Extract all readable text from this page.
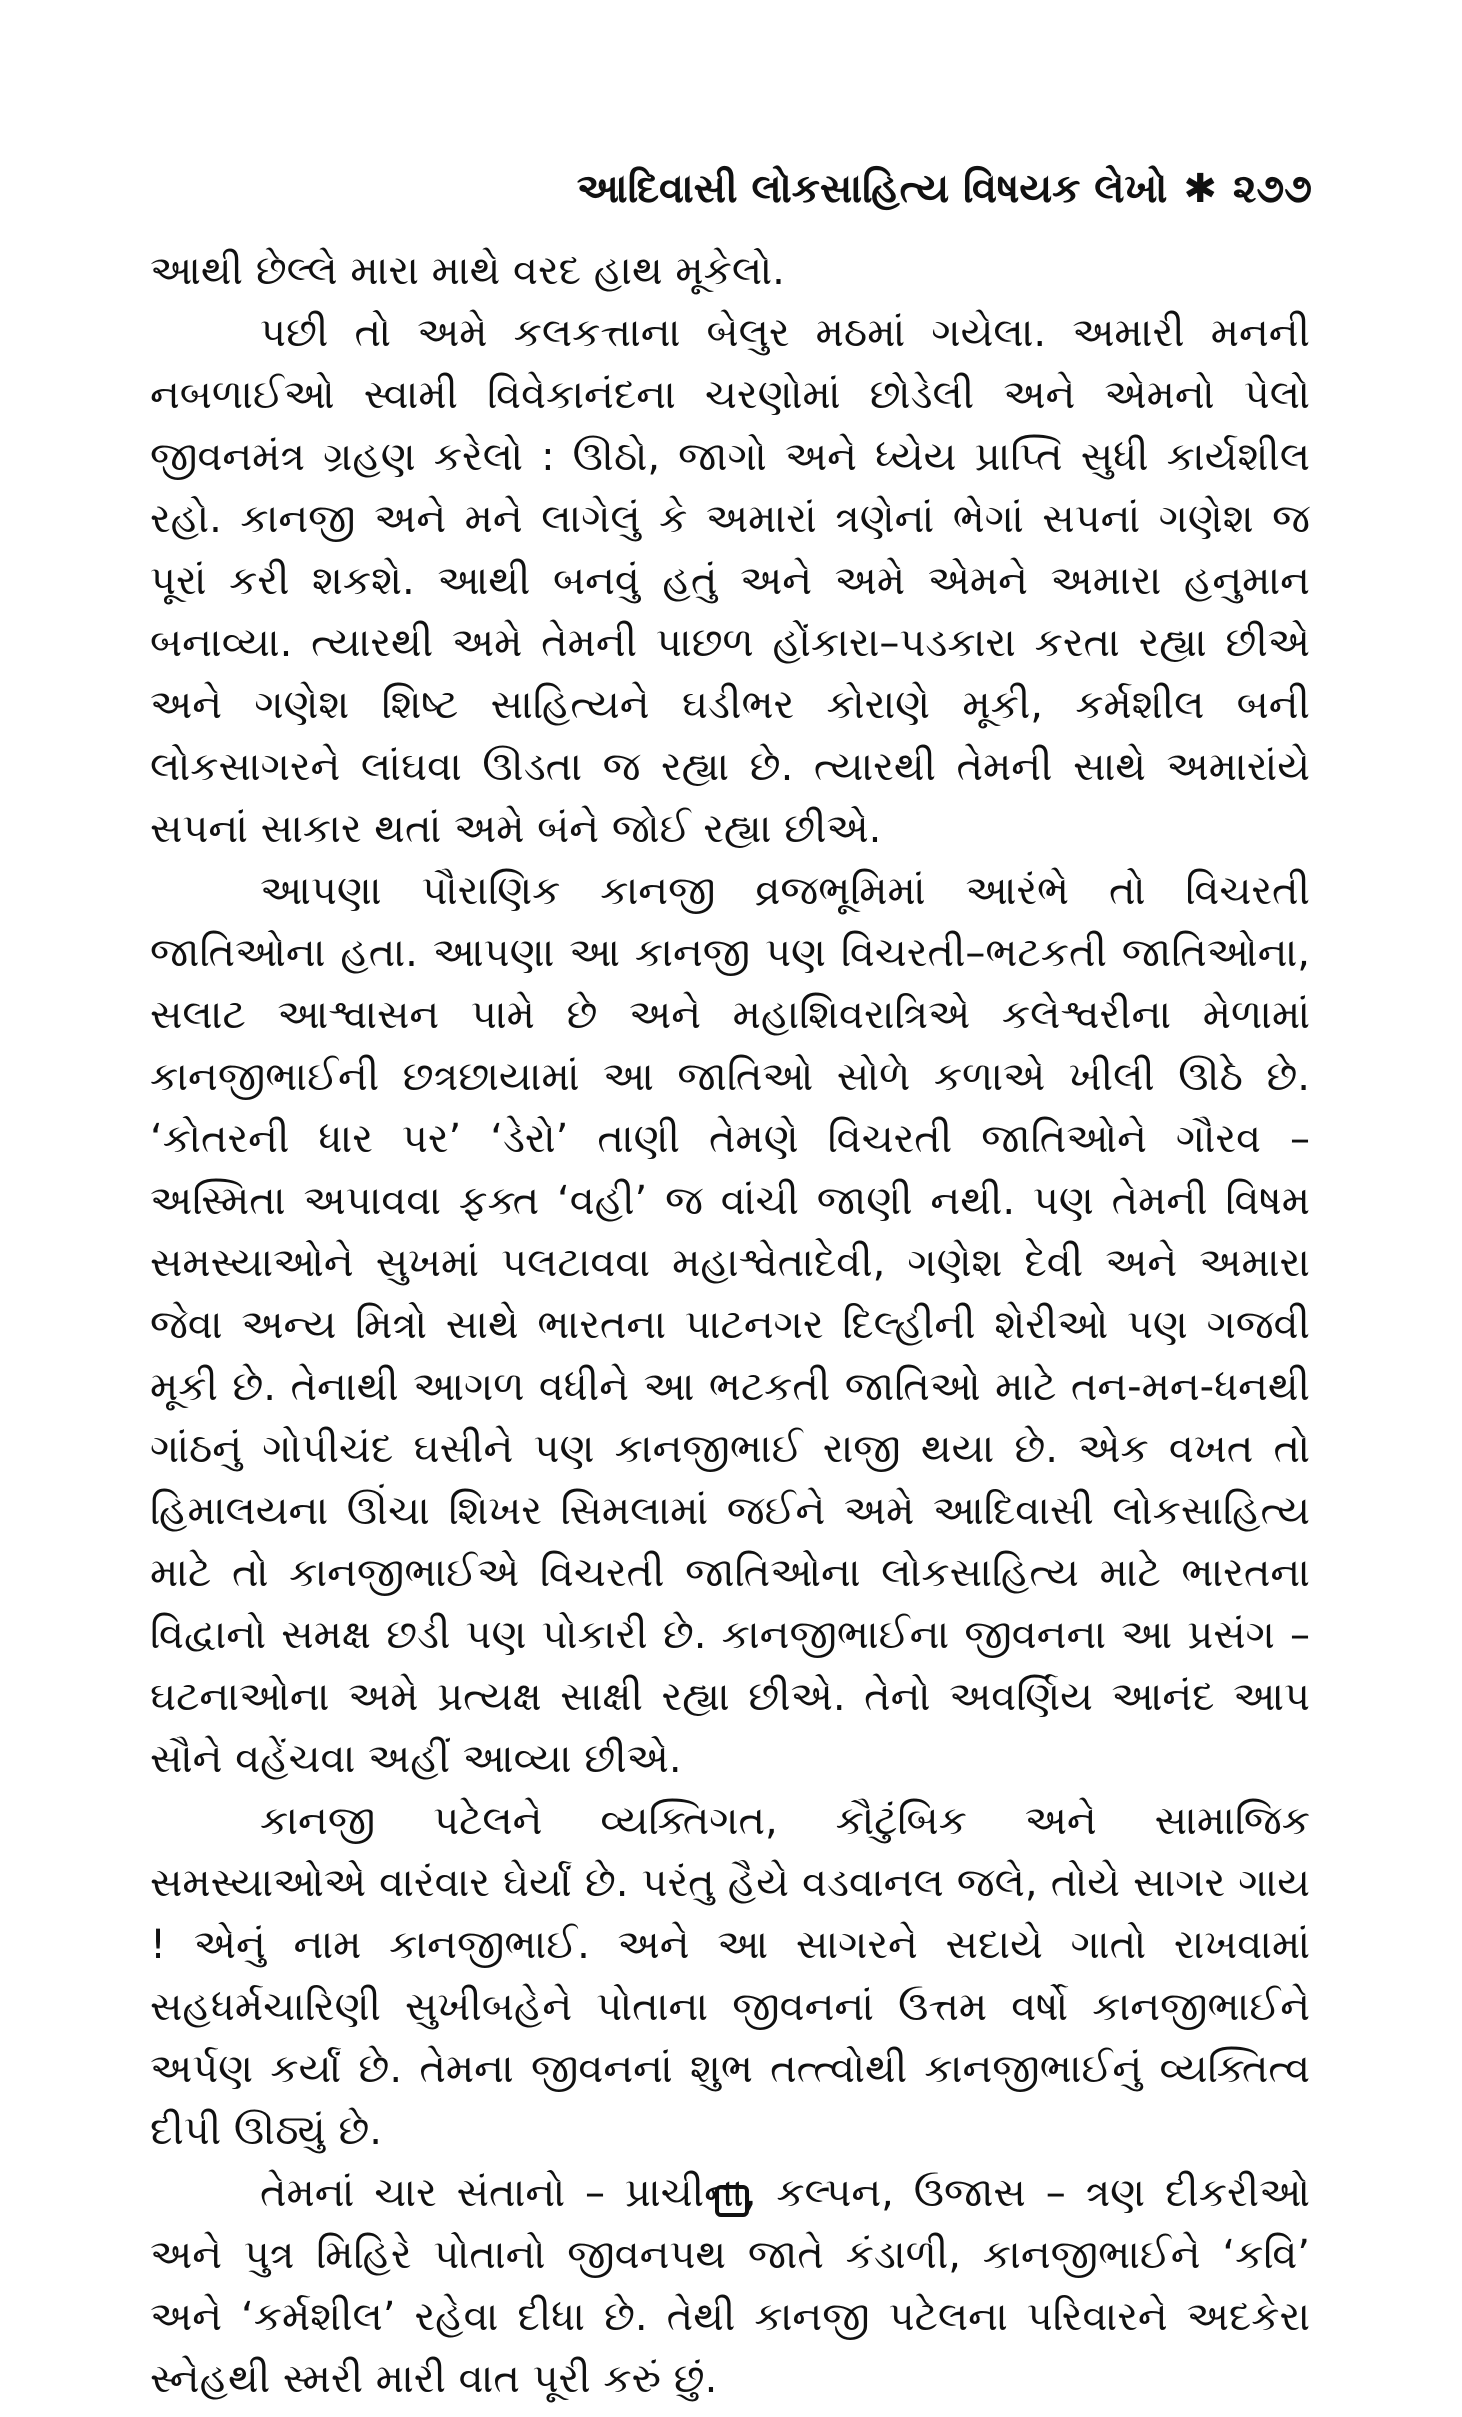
આદિવાસી લોકસાહિત્ય વિષયક લેખો ✱ ૨૭૭

આથી છેલ્લે મારા માથે વરદ હાથ મૂકેલો.

પછી તો અમે કલકત્તાના બેલુર મઠમાં ગયેલા. અમારી મનની નબળાઈઓ સ્વામી વિવેકાનંદના ચરણોમાં છોડેલી અને એમનો પેલો જીવનમંત્ર ગ્રહણ કરેલો : ઊઠો, જાગો અને ધ્યેય પ્રાપ્તિ સુધી કાર્યશીલ રહો. કાનજી અને મને લાગેલું કે અમારાં ત્રણેનાં ભેગાં સપનાં ગણેશ જ પૂરાં કરી શકશે. આથી બનવું હતું અને અમે એમને અમારા હનુમાન બનાવ્યા. ત્યારથી અમે તેમની પાછળ હોંકારા–પડકારા કરતા રહ્યા છીએ અને ગણેશ શિષ્ટ સાહિત્યને ઘડીભર કોરાણે મૂકી, કર્મશીલ બની લોકસાગરને લાંઘવા ઊડતા જ રહ્યા છે. ત્યારથી તેમની સાથે અમારાંયે સપનાં સાકાર થતાં અમે બંને જોઈ રહ્યા છીએ.

આપણા પૌરાણિક કાનજી વ્રજભૂમિમાં આરંભે તો વિચરતી જાતિઓના હતા. આપણા આ કાનજી પણ વિચરતી–ભટકતી જાતિઓના, સલાટ આશ્વાસન પામે છે અને મહાશિવરાત્રિએ કલેશ્વરીના મેળામાં કાનજીભાઈની છત્રછાયામાં આ જાતિઓ સોળે કળાએ ખીલી ઊઠે છે. ‘કોતરની ધાર પર’ ‘ડેરો’ તાણી તેમણે વિચરતી જાતિઓને ગૌરવ – અસ્મિતા અપાવવા ફક્ત ‘વહી’ જ વાંચી જાણી નથી. પણ તેમની વિષમ સમસ્યાઓને સુખમાં પલટાવવા મહાશ્વેતાદેવી, ગણેશ દેવી અને અમારા જેવા અન્ય મિત્રો સાથે ભારતના પાટનગર દિલ્હીની શેરીઓ પણ ગજવી મૂકી છે. તેનાથી આગળ વધીને આ ભટકતી જાતિઓ માટે તન-મન-ધનથી ગાંઠનું ગોપીચંદ ઘસીને પણ કાનજીભાઈ રાજી થયા છે. એક વખત તો હિમાલયના ઊંચા શિખર સિમલામાં જઈને અમે આદિવાસી લોકસાહિત્ય માટે તો કાનજીભાઈએ વિચરતી જાતિઓના લોકસાહિત્ય માટે ભારતના વિદ્વાનો સમક્ષ છડી પણ પોકારી છે. કાનજીભાઈના જીવનના આ પ્રસંગ – ઘટનાઓના અમે પ્રત્યક્ષ સાક્ષી રહ્યા છીએ. તેનો અવર્ણિય આનંદ આપ સૌને વહેંચવા અહીં આવ્યા છીએ.

કાનજી પટેલને વ્યક્તિગત, કૌટુંબિક અને સામાજિક સમસ્યાઓએ વારંવાર ઘેર્યાં છે. પરંતુ હૈયે વડવાનલ જલે, તોયે સાગર ગાય ! એનું નામ કાનજીભાઈ. અને આ સાગરને સદાયે ગાતો રાખવામાં સહધર્મચારિણી સુખીબહેને પોતાના જીવનનાં ઉત્તમ વર્ષો કાનજીભાઈને અર્પણ કર્યાં છે. તેમના જીવનનાં શુભ તત્ત્વોથી કાનજીભાઈનું વ્યક્તિત્વ દીપી ઊઠ્યું છે.

તેમનાં ચાર સંતાનો – પ્રાચીના, કલ્પન, ઉજાસ – ત્રણ દીકરીઓ અને પુત્ર મિહિરે પોતાનો જીવનપથ જાતે કંડાળી, કાનજીભાઈને ‘કવિ’ અને ‘કર્મશીલ’ રહેવા દીધા છે. તેથી કાનજી પટેલના પરિવારને અદકેરા સ્નેહથી સ્મરી મારી વાત પૂરી કરું છું.
